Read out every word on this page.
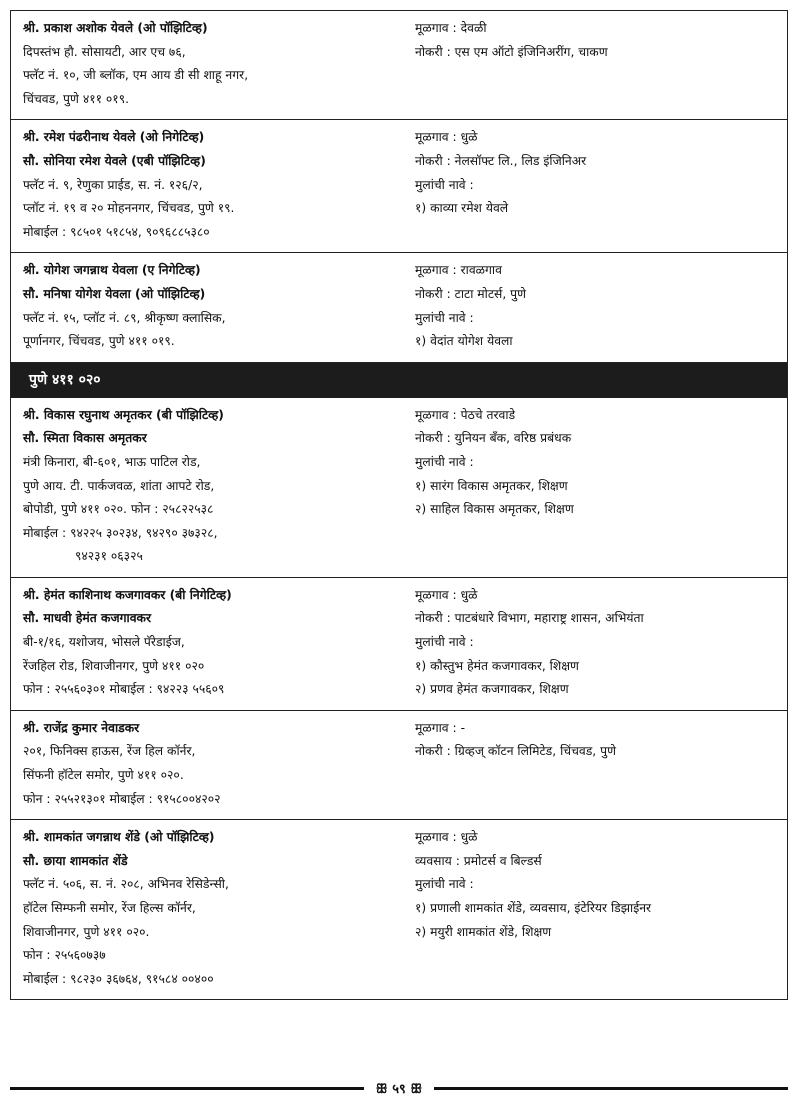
श्री. प्रकाश अशोक येवले (ओ पॉझिटिव्ह)
दिपस्तंभ हौ. सोसायटी, आर एच ७६,
फ्लॅट नं. १०, जी ब्लॉक, एम आय डी सी शाहू नगर,
चिंचवड, पुणे ४११ ०१९.
मूळगाव : देवळी
नोकरी : एस एम ऑटो इंजिनिअरींग, चाकण
श्री. रमेश पंढरीनाथ येवले (ओ निगेटिव्ह)
सौ. सोनिया रमेश येवले (एबी पॉझिटिव्ह)
फ्लॅट नं. ९, रेणुका प्राईड, स. नं. १२६/२,
प्लॉट नं. १९ व २० मोहननगर, चिंचवड, पुणे १९.
मोबाईल : ९८५०१ ५१८५४, ९०९६८८५३८०
मूळगाव : धुळे
नोकरी : नेलसॉफ्ट लि., लिड इंजिनिअर
मुलांची नावे :
१) काव्या रमेश येवले
श्री. योगेश जगन्नाथ येवला (ए निगेटिव्ह)
सौ. मनिषा योगेश येवला (ओ पॉझिटिव्ह)
फ्लॅट नं. १५, प्लॉट नं. ८९, श्रीकृष्ण क्लासिक,
पूर्णानगर, चिंचवड, पुणे ४११ ०१९.
मूळगाव : रावळगाव
नोकरी : टाटा मोटर्स, पुणे
मुलांची नावे :
१) वेदांत योगेश येवला
पुणे ४११ ०२०
श्री. विकास रघुनाथ अमृतकर (बी पॉझिटिव्ह)
सौ. स्मिता विकास अमृतकर
मंत्री किनारा, बी-६०१, भाऊ पाटिल रोड,
पुणे आय. टी. पार्कजवळ, शांता आपटे रोड,
बोपोडी, पुणे ४११ ०२०. फोन : २५८२२५३८
मोबाईल : ९४२२५ ३०२३४, ९४२९० ३७३२८,
९४२३१ ०६३२५
मूळगाव : पेठचे तरवाडे
नोकरी : युनियन बँक, वरिष्ठ प्रबंधक
मुलांची नावे :
१) सारंग विकास अमृतकर, शिक्षण
२) साहिल विकास अमृतकर, शिक्षण
श्री. हेमंत काशिनाथ कजगावकर (बी निगेटिव्ह)
सौ. माधवी हेमंत कजगावकर
बी-१/१६, यशोजय, भोसले पॅरेडाईज,
रेंजहिल रोड, शिवाजीनगर, पुणे ४११ ०२०
फोन : २५५६०३०१ मोबाईल : ९४२२३ ५५६०९
मूळगाव : धुळे
नोकरी : पाटबंधारे विभाग, महाराष्ट्र शासन, अभियंता
मुलांची नावे :
१) कौस्तुभ हेमंत कजगावकर, शिक्षण
२) प्रणव हेमंत कजगावकर, शिक्षण
श्री. राजेंद्र कुमार नेवाडकर
२०१, फिनिक्स हाऊस, रेंज हिल कॉर्नर,
सिंफनी हॉटेल समोर, पुणे ४११ ०२०.
फोन : २५५२१३०१ मोबाईल : ९१५८००४२०२
मूळगाव : -
नोकरी : ग्रिव्हज् कॉटन लिमिटेड, चिंचवड, पुणे
श्री. शामकांत जगन्नाथ शेंडे (ओ पॉझिटिव्ह)
सौ. छाया शामकांत शेंडे
फ्लॅट नं. ५०६, स. नं. २०८, अभिनव रेसिडेन्सी,
हॉटेल सिम्फनी समोर, रेंज हिल्स कॉर्नर,
शिवाजीनगर, पुणे ४११ ०२०.
फोन : २५५६०७३७
मोबाईल : ९८२३० ३६७६४, ९१५८४ ००४००
मूळगाव : धुळे
व्यवसाय : प्रमोटर्स व बिल्डर्स
मुलांची नावे :
१) प्रणाली शामकांत शेंडे, व्यवसाय, इंटेरियर डिझाईनर
२) मयुरी शामकांत शेंडे, शिक्षण
ꕥ ५९ ꕥ
